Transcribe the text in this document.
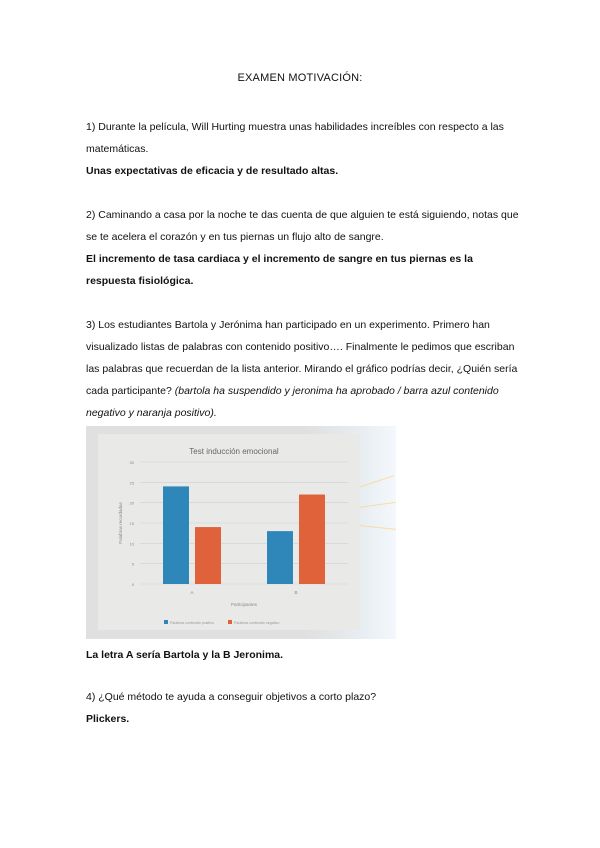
EXAMEN MOTIVACIÓN:

1) Durante la película, Will Hurting muestra unas habilidades increíbles con respecto a las matemáticas.

Unas expectativas de eficacia y de resultado altas.

2) Caminando a casa por la noche te das cuenta de que alguien te está siguiendo, notas que se te acelera el corazón y en tus piernas un flujo alto de sangre.

El incremento de tasa cardiaca y el incremento de sangre en tus piernas es la respuesta fisiológica.

3) Los estudiantes Bartola y Jerónima han participado en un experimento. Primero han visualizado listas de palabras con contenido positivo…. Finalmente le pedimos que escriban las palabras que recuerdan de la lista anterior. Mirando el gráfico podrías decir, ¿Quién sería cada participante? (bartola ha suspendido y jeronima ha aprobado / barra azul contenido negativo y naranja positivo).

Test inducción emocional
0
5
10
15
20
25
30
Palabras recordadas
A	B
Participantes
Palabras contenido positivo	Palabras contenido negativo

La letra A sería Bartola y la B Jeronima.

4) ¿Qué método te ayuda a conseguir objetivos a corto plazo?

Plickers.
